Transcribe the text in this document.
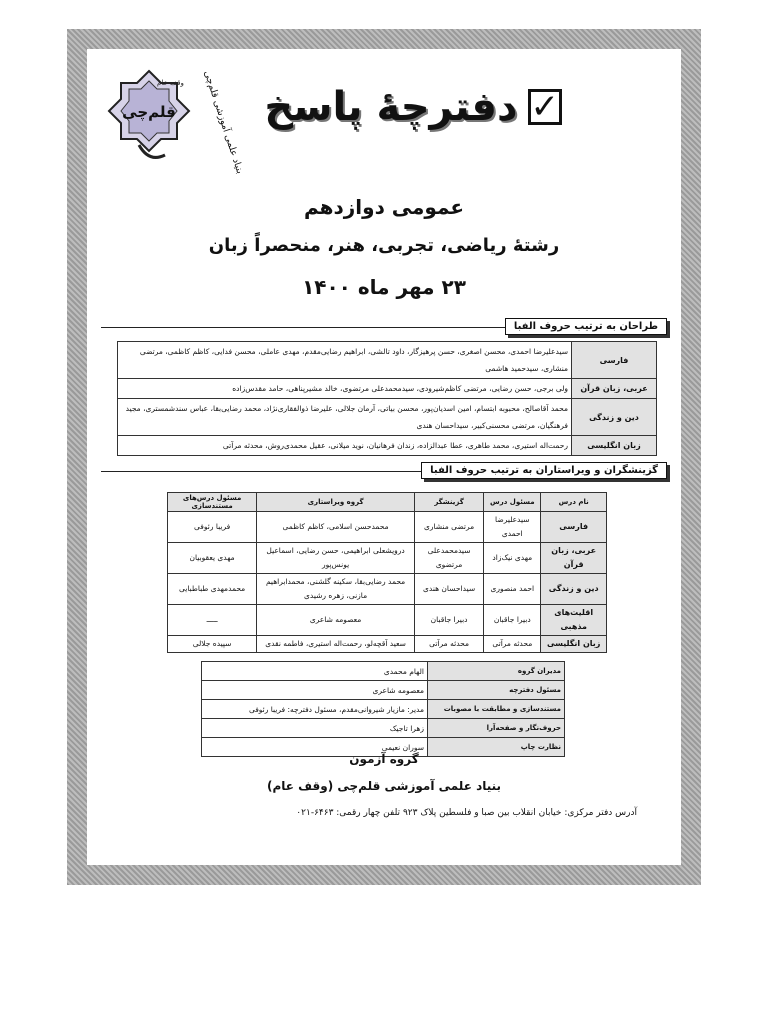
قلم‌چی
وقف عام بنیاد علمی آموزشی قلم‌چی	✓
دفترچهٔ پاسخ
عمومی دوازدهم
رشتهٔ ریاضی، تجربی، هنر، منحصراً زبان
۲۳ مهر ماه ۱۴۰۰
طراحان به ترتیب حروف الفبا
فارسی	سیدعلیرضا احمدی، محسن اصغری، حسن پرهیزگار، داود تالشی، ابراهیم رضایی‌مقدم، مهدی عاملی، محسن فدایی، کاظم کاظمی، مرتضی منشاری، سیدحمید هاشمی
عربی، زبان قرآن	ولی برجی، حسن رضایی، مرتضی کاظم‌شیرودی، سیدمحمدعلی مرتضوی، خالد مشیرپناهی، حامد مقدس‌زاده
دین و زندگی	محمد آقاصالح، محبوبه ابتسام، امین اسدیان‌پور، محسن بیاتی، آرمان جلالی، علیرضا ذوالفقاری‌نژاد، محمد رضایی‌بقا، عباس سندشمستری، مجید فرهنگیان، مرتضی محسنی‌کبیر، سیداحسان هندی
زبان انگلیسی	رحمت‌اله استیری، محمد طاهری، عطا عبدالزاده، زندان فرهانیان، نوید میلانی، عقیل محمدی‌روش، محدثه مرآتی
گزینشگران و ویراستاران به ترتیب حروف الفبا
نام درس	مسئول درس	گزینشگر	گروه ویراستاری	مسئول درس‌های مستندسازی
فارسی	سیدعلیرضا احمدی	مرتضی منشاری	محمدحسن اسلامی، کاظم کاظمی	فریبا رئوفی
عربی، زبان قرآن	مهدی نیک‌زاد	سیدمحمدعلی مرتضوی	درویشعلی ابراهیمی، حسن رضایی، اسماعیل یونس‌پور	مهدی یعقوبیان
دین و زندگی	احمد منصوری	سیداحسان هندی	محمد رضایی‌بقا، سکینه گلشنی، محمدابراهیم مازنی، زهره رشیدی	محمدمهدی طباطبایی
اقلیت‌های مذهبی	دبیرا جاقبان	دبیرا جاقبان	معصومه شاعری	ـــــ
زبان انگلیسی	محدثه مرآتی	محدثه مرآتی	سعید آقچه‌لو، رحمت‌اله استیری، فاطمه نقدی	سپیده جلالی
مدیران گروه	الهام محمدی
مسئول دفترچه	معصومه شاعری
مستندسازی و مطابقت با مصوبات	مدیر: مازیار شیروانی‌مقدم، مسئول دفترچه: فریبا رئوفی
حروف‌نگار و صفحه‌آرا	زهرا تاجیک
نظارت چاپ	سوران نعیمی
گروه آزمون
بنیاد علمی آموزشی قلم‌چی (وقف عام)
آدرس دفتر مرکزی: خیابان انقلاب بین صبا و فلسطین پلاک ۹۲۳ تلفن چهار رقمی: ۶۴۶۳-۰۲۱
